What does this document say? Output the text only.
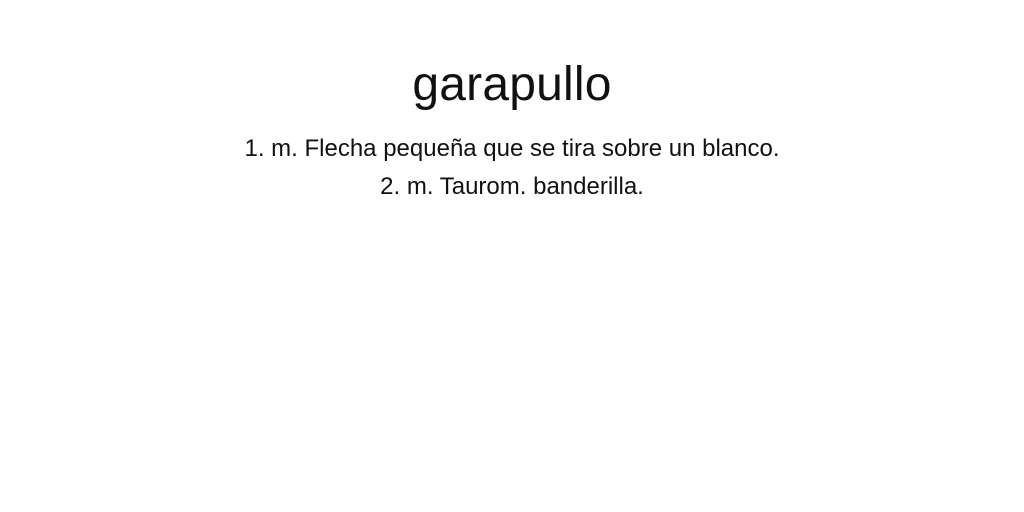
garapullo
1. m. Flecha pequeña que se tira sobre un blanco.
2. m. Taurom. banderilla.
